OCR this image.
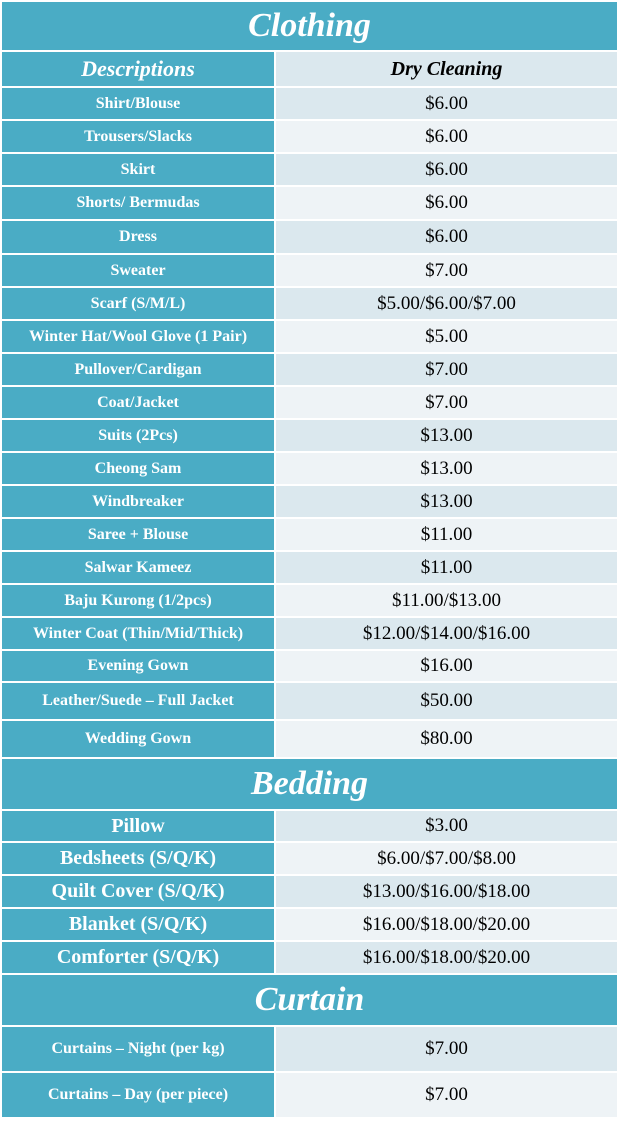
Clothing	
Descriptions	Dry Cleaning
Shirt/Blouse	$6.00
Trousers/Slacks	$6.00
Skirt	$6.00
Shorts/ Bermudas	$6.00
Dress	$6.00
Sweater	$7.00
Scarf (S/M/L)	$5.00/$6.00/$7.00
Winter Hat/Wool Glove (1 Pair)	$5.00
Pullover/Cardigan	$7.00
Coat/Jacket	$7.00
Suits (2Pcs)	$13.00
Cheong Sam	$13.00
Windbreaker	$13.00
Saree + Blouse	$11.00
Salwar Kameez	$11.00
Baju Kurong (1/2pcs)	$11.00/$13.00
Winter Coat (Thin/Mid/Thick)	$12.00/$14.00/$16.00
Evening Gown	$16.00
Leather/Suede – Full Jacket	$50.00
Wedding Gown	$80.00
Bedding	
Pillow	$3.00
Bedsheets (S/Q/K)	$6.00/$7.00/$8.00
Quilt Cover (S/Q/K)	$13.00/$16.00/$18.00
Blanket (S/Q/K)	$16.00/$18.00/$20.00
Comforter (S/Q/K)	$16.00/$18.00/$20.00
Curtain	
Curtains – Night (per kg)	$7.00
Curtains – Day (per piece)	$7.00
